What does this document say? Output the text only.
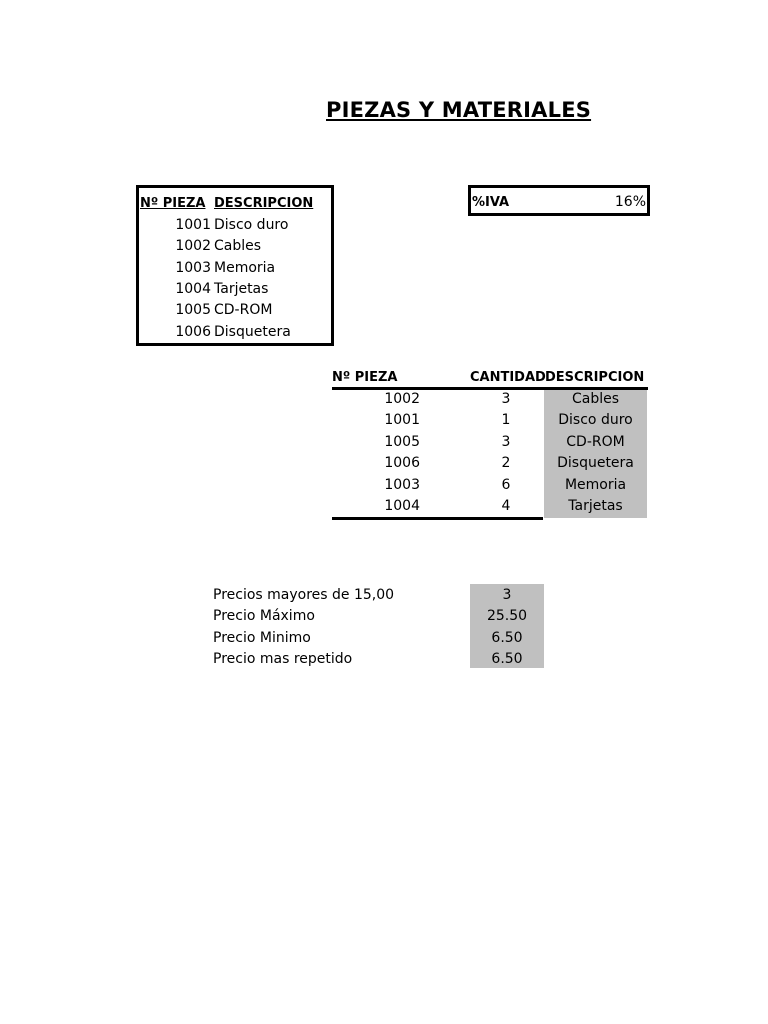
PIEZAS Y MATERIALES
Nº PIEZA DESCRIPCION
1001 Disco duro
1002 Cables
1003 Memoria
1004 Tarjetas
1005 CD-ROM
1006 Disquetera
%IVA	16%
Nº PIEZA	CANTIDAD DESCRIPCION
1002	3	Cables
1001	1	Disco duro
1005	3	CD-ROM
1006	2	Disquetera
1003	6	Memoria
1004	4	Tarjetas
Precios mayores de 15,00	3
Precio Máximo	25.50
Precio Minimo	6.50
Precio mas repetido	6.50
